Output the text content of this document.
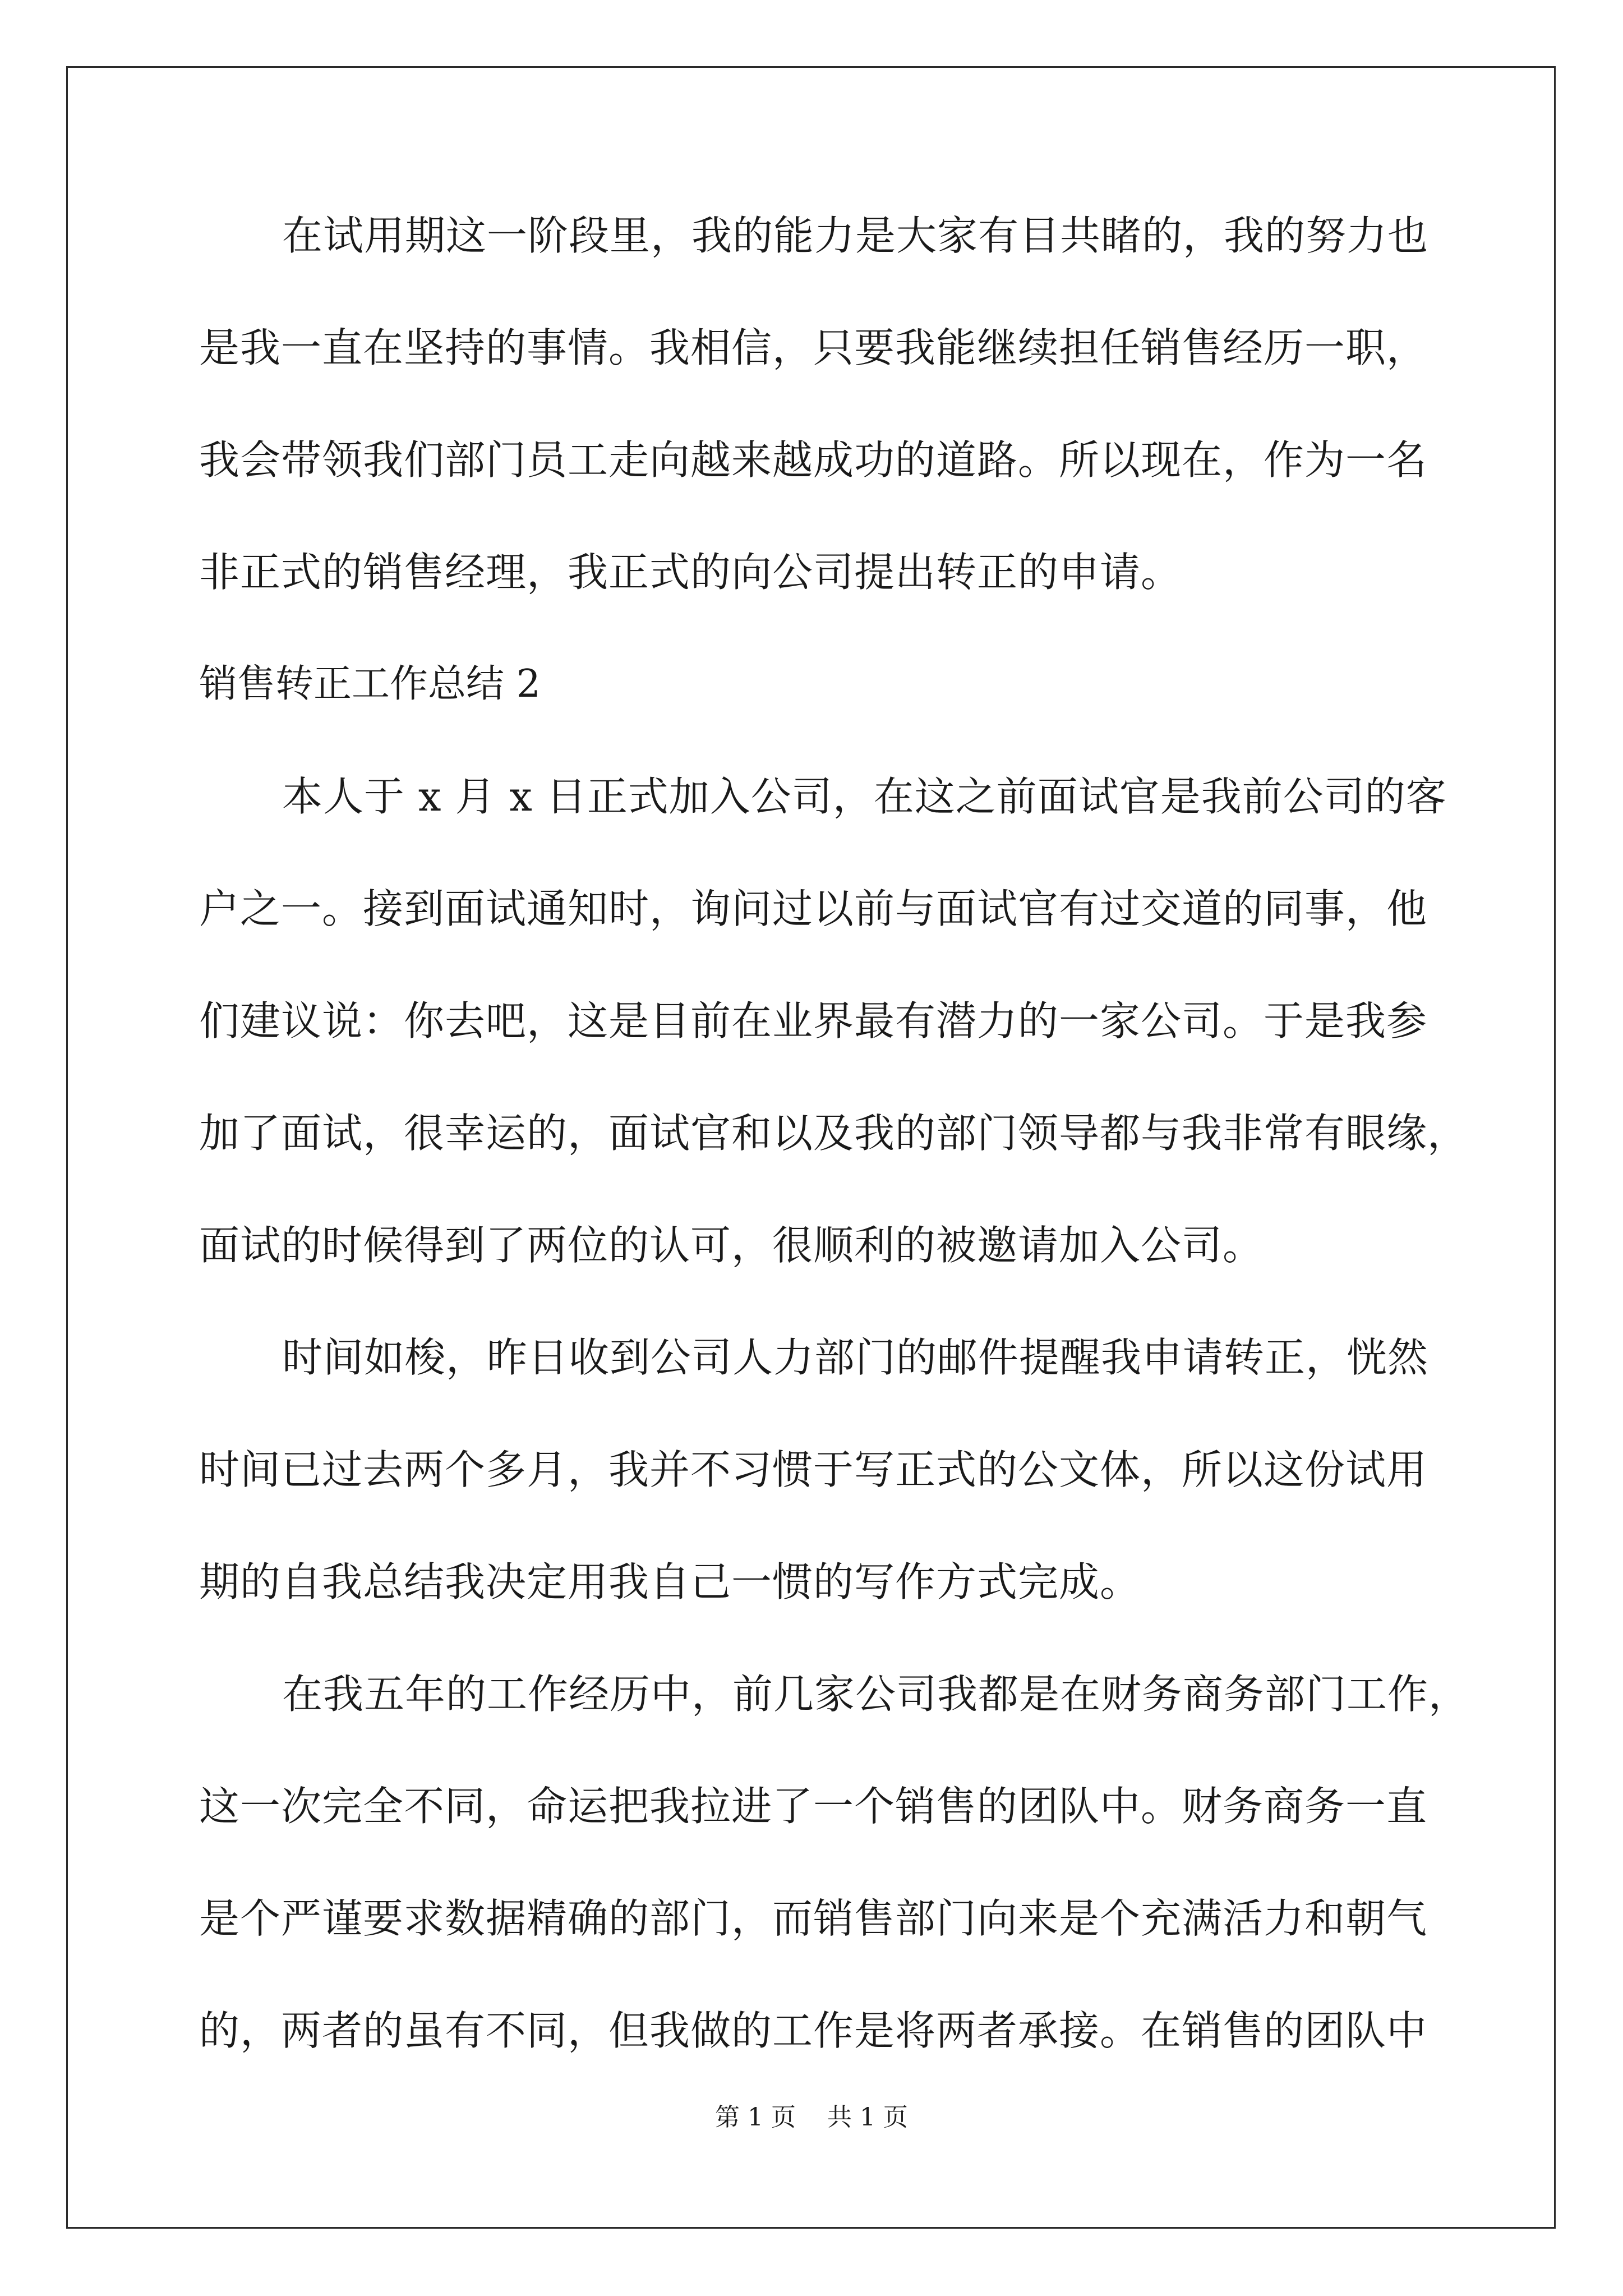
在试用期这一阶段里，我的能力是大家有目共睹的，我的努力也
是我一直在坚持的事情。我相信，只要我能继续担任销售经历一职，
我会带领我们部门员工走向越来越成功的道路。所以现在，作为一名
非正式的销售经理，我正式的向公司提出转正的申请。
销售转正工作总结 2
本人于 x 月 x 日正式加入公司，在这之前面试官是我前公司的客
户之一。接到面试通知时，询问过以前与面试官有过交道的同事，他
们建议说：你去吧，这是目前在业界最有潜力的一家公司。于是我参
加了面试，很幸运的，面试官和以及我的部门领导都与我非常有眼缘，
面试的时候得到了两位的认可，很顺利的被邀请加入公司。
时间如梭，昨日收到公司人力部门的邮件提醒我申请转正，恍然
时间已过去两个多月，我并不习惯于写正式的公文体，所以这份试用
期的自我总结我决定用我自己一惯的写作方式完成。
在我五年的工作经历中，前几家公司我都是在财务商务部门工作，
这一次完全不同，命运把我拉进了一个销售的团队中。财务商务一直
是个严谨要求数据精确的部门，而销售部门向来是个充满活力和朝气
的，两者的虽有不同，但我做的工作是将两者承接。在销售的团队中
第 1 页 共 1 页
